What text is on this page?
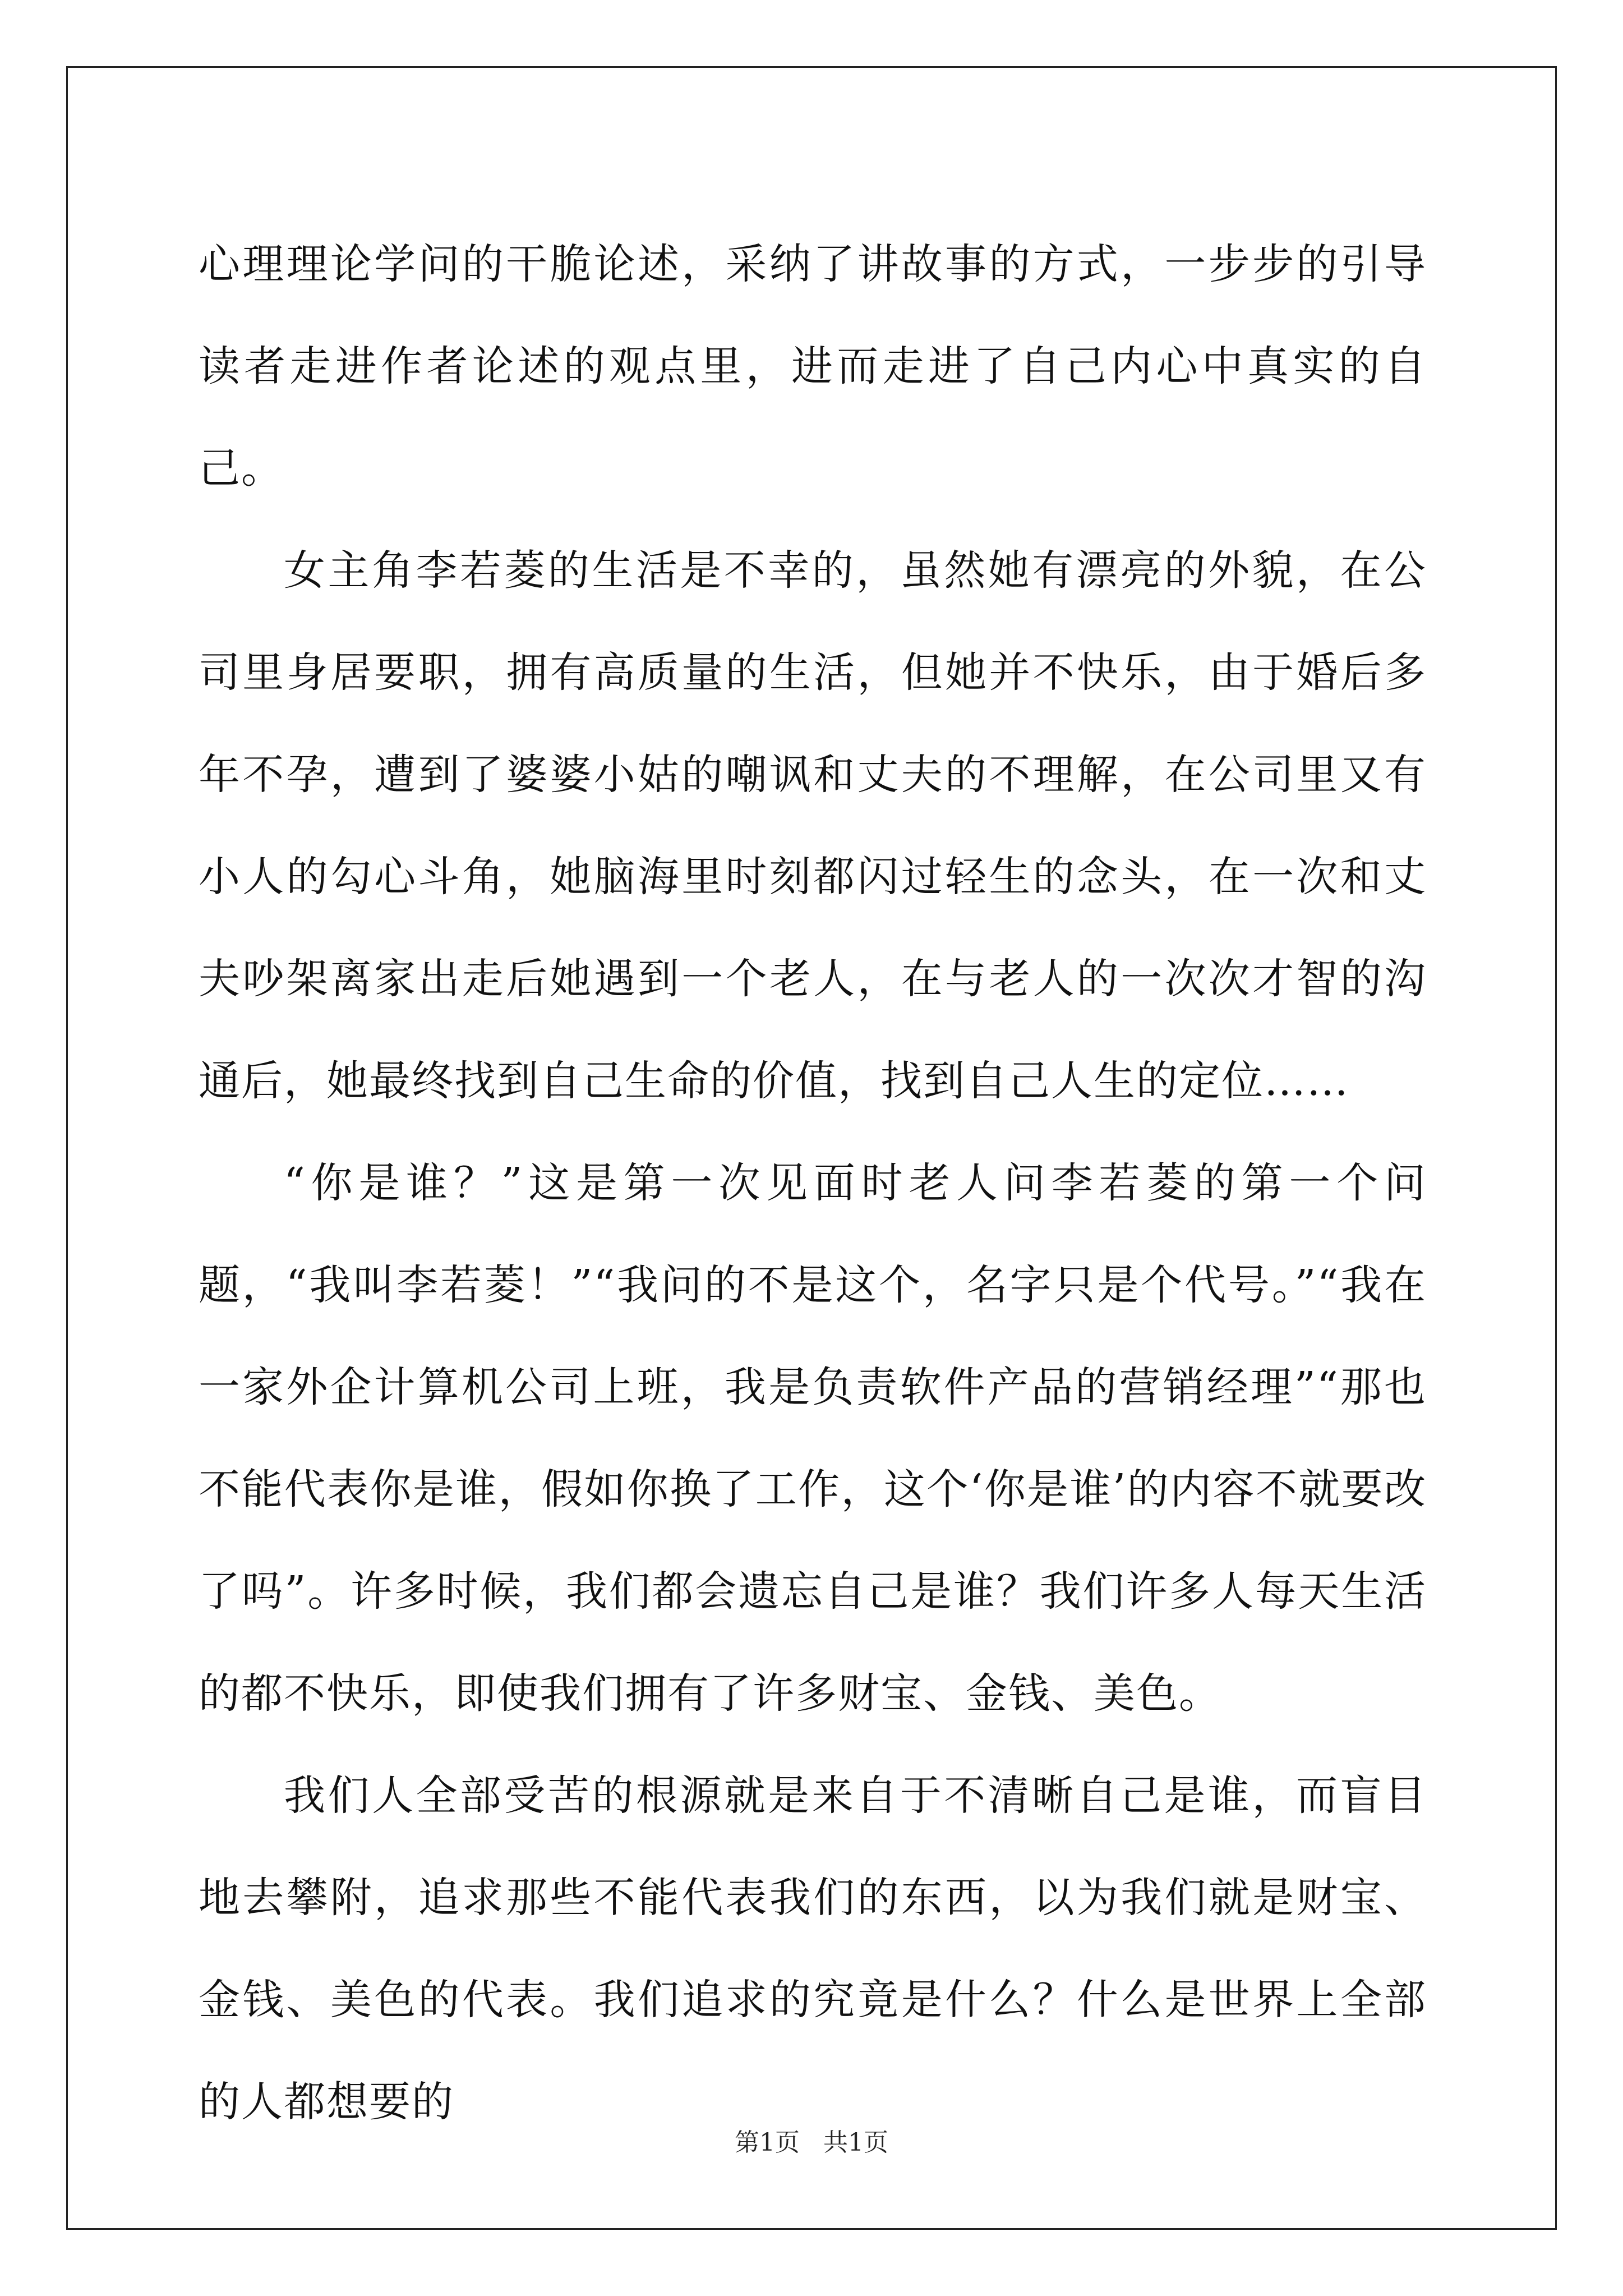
心理理论学问的干脆论述，采纳了讲故事的方式，一步步的引导读者走进作者论述的观点里，进而走进了自己内心中真实的自己。

女主角李若菱的生活是不幸的，虽然她有漂亮的外貌，在公司里身居要职，拥有高质量的生活，但她并不快乐，由于婚后多年不孕，遭到了婆婆小姑的嘲讽和丈夫的不理解，在公司里又有小人的勾心斗角，她脑海里时刻都闪过轻生的念头，在一次和丈夫吵架离家出走后她遇到一个老人，在与老人的一次次才智的沟通后，她最终找到自己生命的价值，找到自己人生的定位……

“你是谁？”这是第一次见面时老人问李若菱的第一个问题，“我叫李若菱！”“我问的不是这个，名字只是个代号。”“我在一家外企计算机公司上班，我是负责软件产品的营销经理”“那也不能代表你是谁，假如你换了工作，这个‘你是谁’的内容不就要改了吗”。许多时候，我们都会遗忘自己是谁？我们许多人每天生活的都不快乐，即使我们拥有了许多财宝、金钱、美色。

我们人全部受苦的根源就是来自于不清晰自己是谁，而盲目地去攀附，追求那些不能代表我们的东西，以为我们就是财宝、金钱、美色的代表。我们追求的究竟是什么？什么是世界上全部的人都想要的

第1页 共1页
